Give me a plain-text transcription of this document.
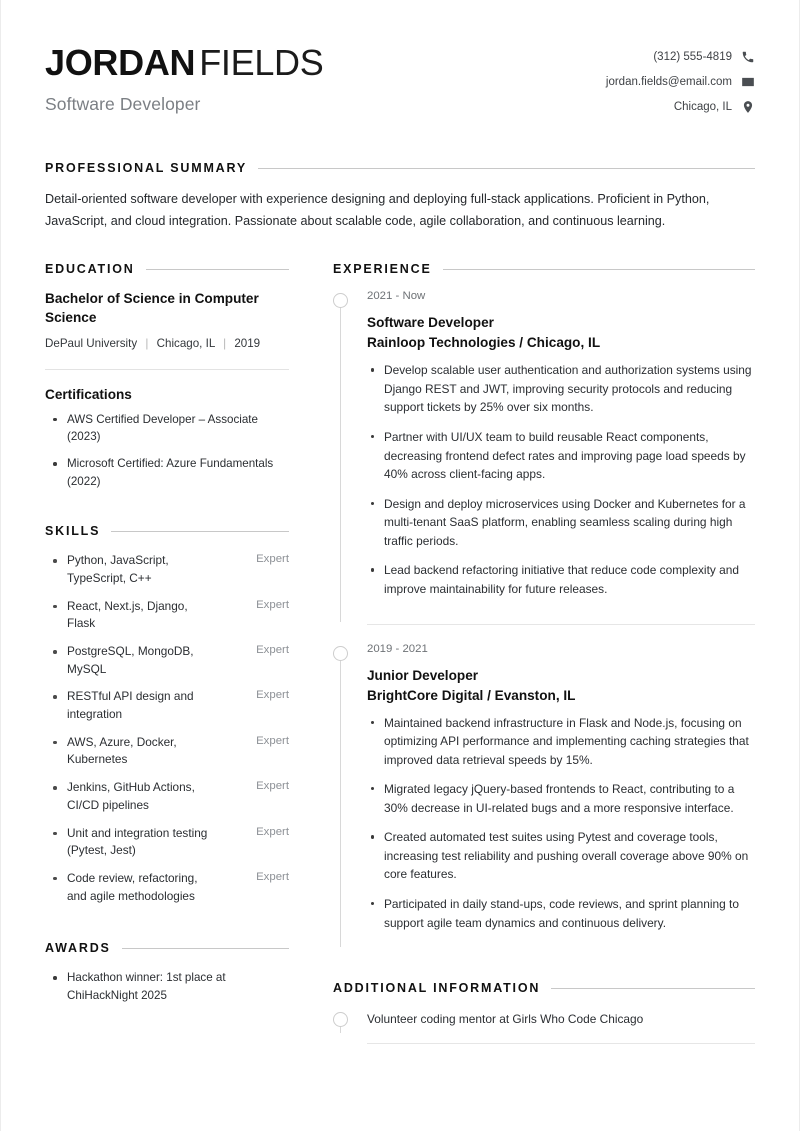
JORDAN FIELDS
Software Developer
(312) 555-4819
jordan.fields@email.com
Chicago, IL
PROFESSIONAL SUMMARY
Detail-oriented software developer with experience designing and deploying full-stack applications. Proficient in Python, JavaScript, and cloud integration. Passionate about scalable code, agile collaboration, and continuous learning.
EDUCATION
Bachelor of Science in Computer Science
DePaul University | Chicago, IL | 2019
Certifications
AWS Certified Developer – Associate (2023)
Microsoft Certified: Azure Fundamentals (2022)
SKILLS
Python, JavaScript, TypeScript, C++
Expert
React, Next.js, Django, Flask
Expert
PostgreSQL, MongoDB, MySQL
Expert
RESTful API design and integration
Expert
AWS, Azure, Docker, Kubernetes
Expert
Jenkins, GitHub Actions, CI/CD pipelines
Expert
Unit and integration testing (Pytest, Jest)
Expert
Code review, refactoring, and agile methodologies
Expert
AWARDS
Hackathon winner: 1st place at ChiHackNight 2025
EXPERIENCE
2021 - Now
Software Developer
Rainloop Technologies / Chicago, IL
Develop scalable user authentication and authorization systems using Django REST and JWT, improving security protocols and reducing support tickets by 25% over six months.
Partner with UI/UX team to build reusable React components, decreasing frontend defect rates and improving page load speeds by 40% across client-facing apps.
Design and deploy microservices using Docker and Kubernetes for a multi-tenant SaaS platform, enabling seamless scaling during high traffic periods.
Lead backend refactoring initiative that reduce code complexity and improve maintainability for future releases.
2019 - 2021
Junior Developer
BrightCore Digital / Evanston, IL
Maintained backend infrastructure in Flask and Node.js, focusing on optimizing API performance and implementing caching strategies that improved data retrieval speeds by 15%.
Migrated legacy jQuery-based frontends to React, contributing to a 30% decrease in UI-related bugs and a more responsive interface.
Created automated test suites using Pytest and coverage tools, increasing test reliability and pushing overall coverage above 90% on core features.
Participated in daily stand-ups, code reviews, and sprint planning to support agile team dynamics and continuous delivery.
ADDITIONAL INFORMATION
Volunteer coding mentor at Girls Who Code Chicago
